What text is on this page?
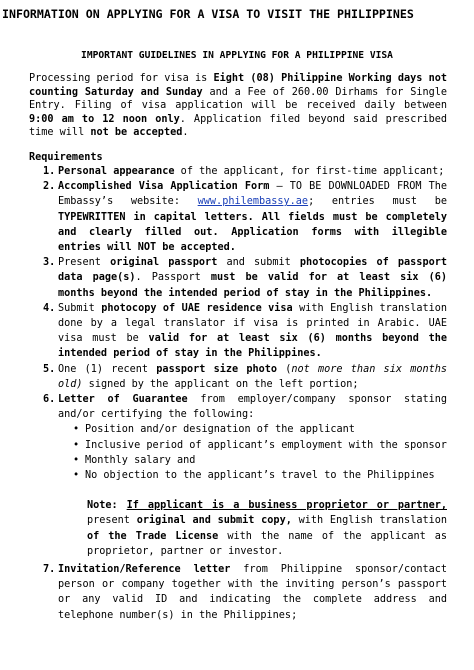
INFORMATION ON APPLYING FOR A VISA TO VISIT THE PHILIPPINES
IMPORTANT GUIDELINES IN APPLYING FOR A PHILIPPINE VISA
Processing period for visa is Eight (08) Philippine Working days not counting Saturday and Sunday and a Fee of 260.00 Dirhams for Single Entry. Filing of visa application will be received daily between 9:00 am to 12 noon only. Application filed beyond said prescribed time will not be accepted.
Requirements
1. Personal appearance of the applicant, for first-time applicant;
2. Accomplished Visa Application Form – TO BE DOWNLOADED FROM The Embassy’s website: www.philembassy.ae; entries must be TYPEWRITTEN in capital letters. All fields must be completely and clearly filled out. Application forms with illegible entries will NOT be accepted.
3. Present original passport and submit photocopies of passport data page(s). Passport must be valid for at least six (6) months beyond the intended period of stay in the Philippines.
4. Submit photocopy of UAE residence visa with English translation done by a legal translator if visa is printed in Arabic. UAE visa must be valid for at least six (6) months beyond the intended period of stay in the Philippines.
5. One (1) recent passport size photo (not more than six months old) signed by the applicant on the left portion;
6. Letter of Guarantee from employer/company sponsor stating and/or certifying the following:
• Position and/or designation of the applicant
• Inclusive period of applicant’s employment with the sponsor
• Monthly salary and
• No objection to the applicant’s travel to the Philippines
Note: If applicant is a business proprietor or partner, present original and submit copy, with English translation of the Trade License with the name of the applicant as proprietor, partner or investor.
7. Invitation/Reference letter from Philippine sponsor/contact person or company together with the inviting person’s passport or any valid ID and indicating the complete address and telephone number(s) in the Philippines;
